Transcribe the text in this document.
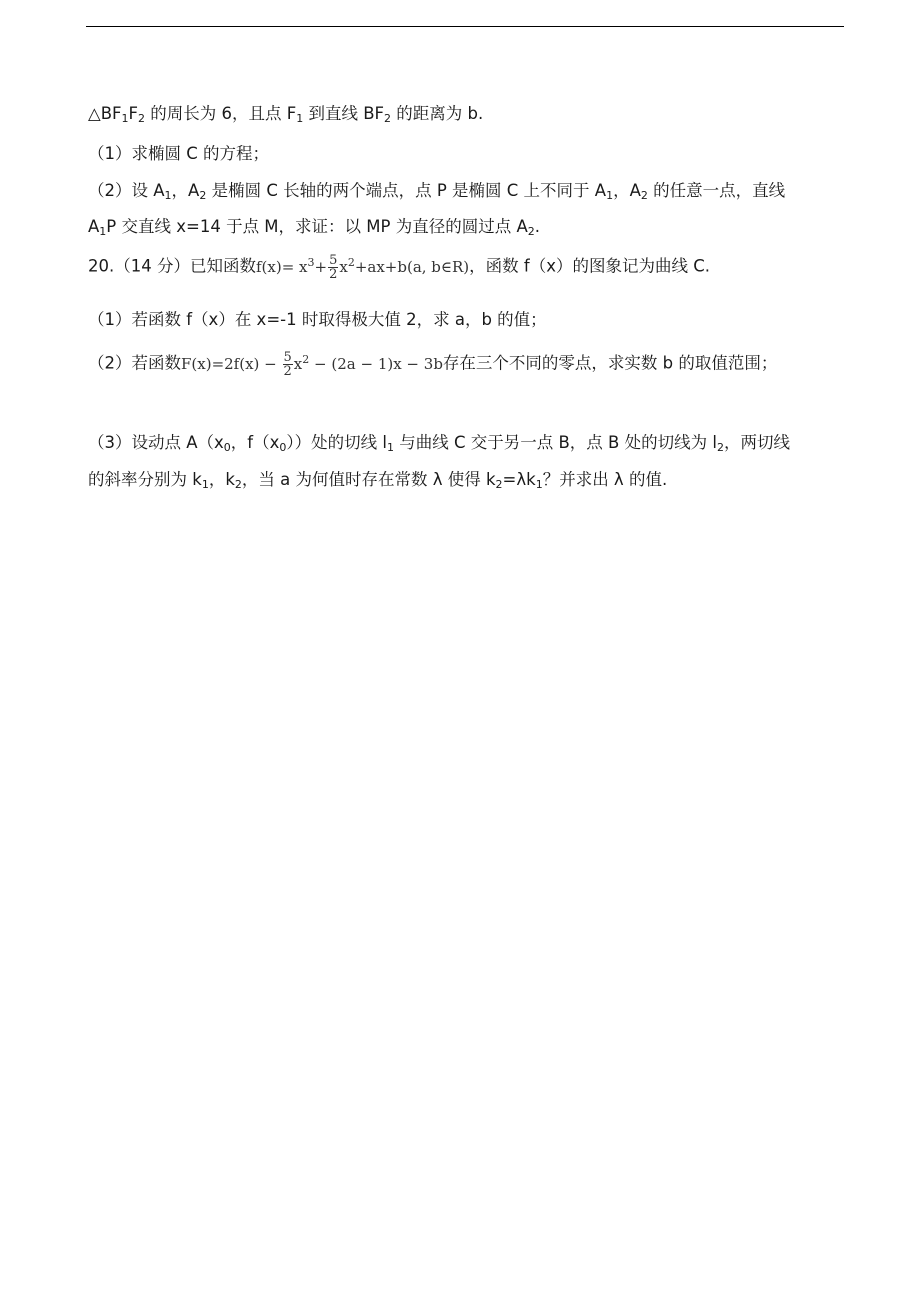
$\triangle BF_1F_2$ 的周长为 6，且点 $F_1$ 到直线 $BF_2$ 的距离为 b.
（1）求椭圆 C 的方程；
（2）设 $A_1$，$A_2$ 是椭圆 C 长轴的两个端点，点 P 是椭圆 C 上不同于 $A_1$，$A_2$ 的任意一点，直线
$A_1P$ 交直线 x=14 于点 M，求证：以 MP 为直径的圆过点 $A_2$.
20.（14 分）已知函数$f(x)= x^3+ \frac{5}{2} x^2+ax+b(a$, b∈R)，函数 f（x）的图象记为曲线 C.
（1）若函数 f（x）在 x=-1 时取得极大值 2，求 a，b 的值；
（2）若函数$F(x)=2f(x) - \frac{5}{2} x^2 - (2a - 1)x - 3b$存在三个不同的零点，求实数 b 的取值范围；
（3）设动点 $A(x_0$，$f(x_0)$）处的切线 $l_1$ 与曲线 C 交于另一点 B，点 B 处的切线为 $l_2$，两切线
的斜率分别为 $k_1$，$k_2$，当 a 为何值时存在常数 λ 使得 $k_2=\lambda k_1$？并求出 λ 的值.
